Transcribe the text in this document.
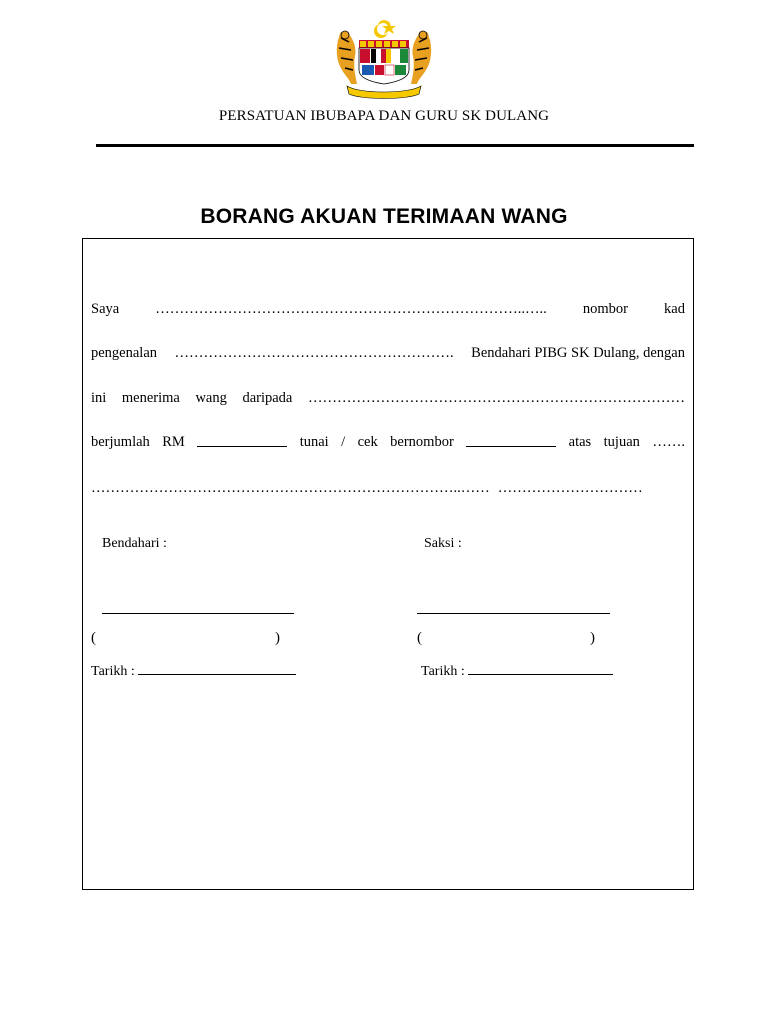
PERSATUAN IBUBAPA DAN GURU SK DULANG
BORANG AKUAN TERIMAAN WANG
Saya …………………………………………………………………..….. nombor kad
pengenalan …………………………………………………. Bendahari PIBG SK Dulang, dengan
ini menerima wang daripada ……………………………………………………………………
berjumlah RM	tunai / cek bernombor	atas tujuan …….
…………………………………………………………………..…… …………………………
Bendahari :	Saksi :
(	)	(	)
Tarikh :	Tarikh :
